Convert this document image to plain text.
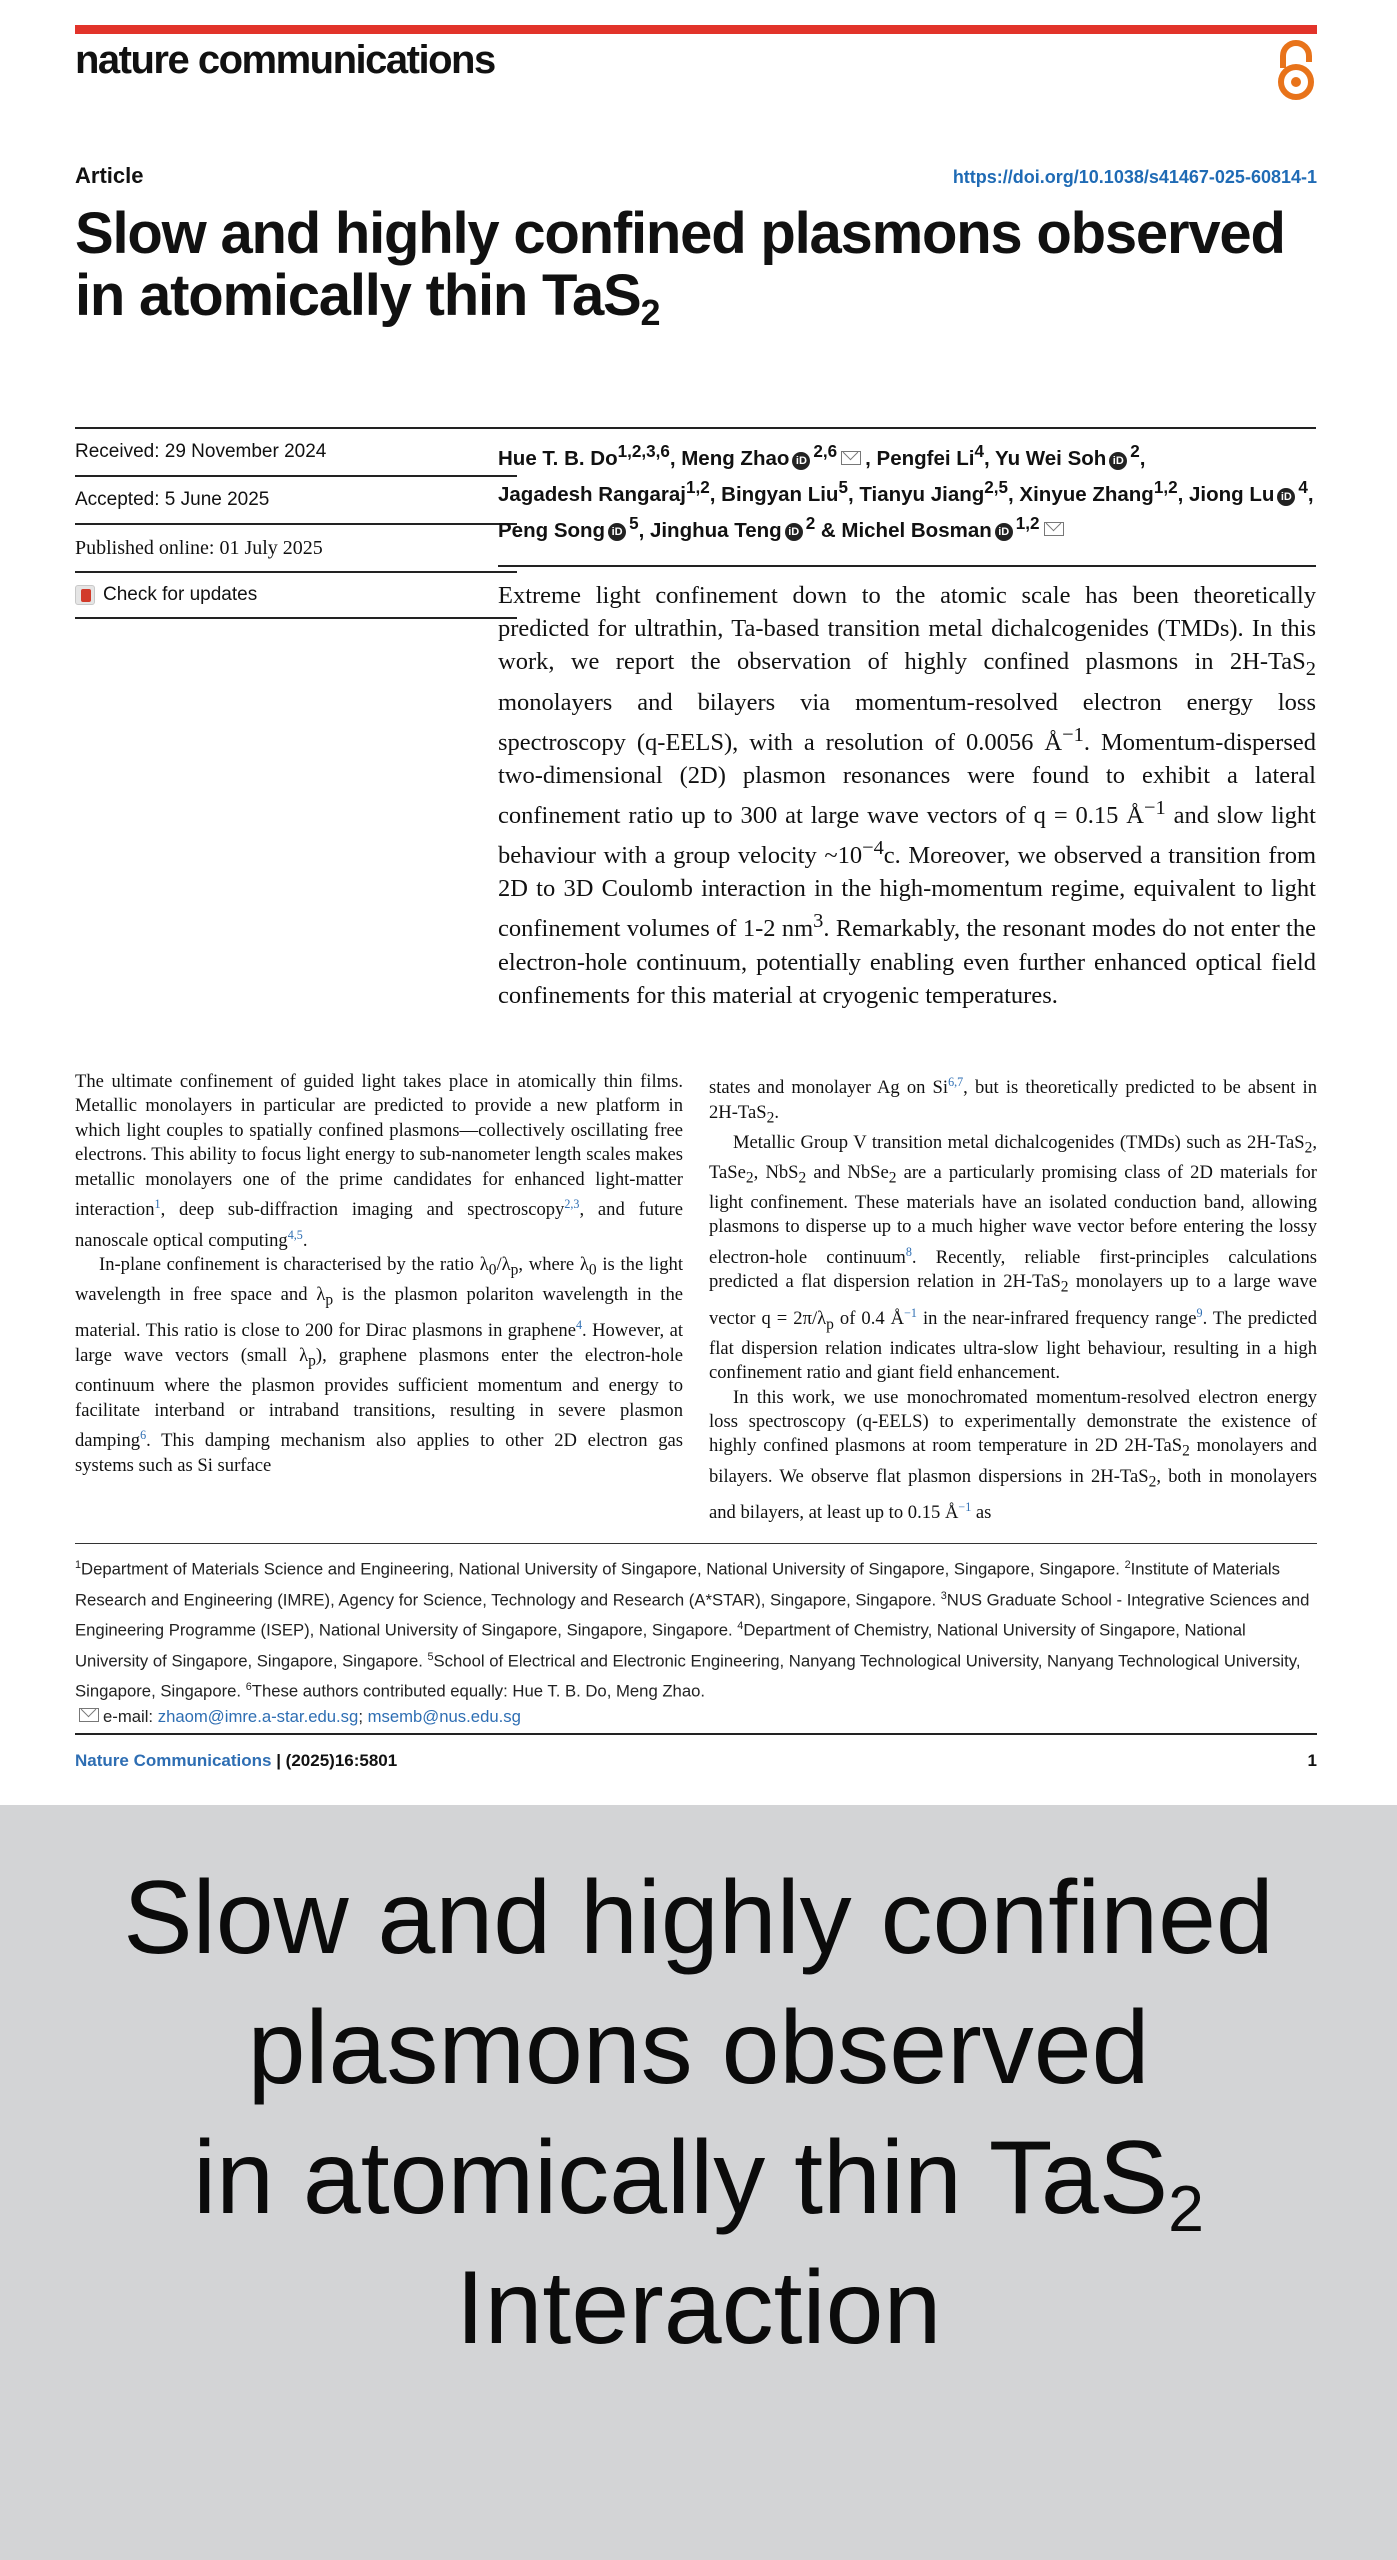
nature communications
Article	https://doi.org/10.1038/s41467-025-60814-1
Slow and highly confined plasmons observed
in atomically thin TaS$_2$
Received: 29 November 2024
Accepted: 5 June 2025
Published online: 01 July 2025
Check for updates
Hue T. B. Do$^{1,2,3,6}$, Meng Zhao iD $^{2,6}$ , Pengfei Li$^4$, Yu Wei Soh iD $^2$,
Jagadesh Rangaraj$^{1,2}$, Bingyan Liu$^5$, Tianyu Jiang$^{2,5}$, Xinyue Zhang$^{1,2}$, Jiong Lu iD $^4$,
Peng Song iD $^5$, Jinghua Teng iD $^2$ & Michel Bosman iD $^{1,2}$
Extreme light confinement down to the atomic scale has been theoretically predicted for ultrathin, Ta-based transition metal dichalcogenides (TMDs). In this work, we report the observation of highly confined plasmons in 2H-TaS$_2$ monolayers and bilayers via momentum-resolved electron energy loss spectroscopy (q-EELS), with a resolution of 0.0056 $Å^{-1}$. Momentum-dispersed two-dimensional (2D) plasmon resonances were found to exhibit a lateral confinement ratio up to 300 at large wave vectors of q = 0.15 $Å^{-1}$ and slow light behaviour with a group velocity $\sim 10^{-4}c$. Moreover, we observed a transition from 2D to 3D Coulomb interaction in the high-momentum regime, equivalent to light confinement volumes of 1-2 $nm^3$. Remarkably, the resonant modes do not enter the electron-hole continuum, potentially enabling even further enhanced optical field confinements for this material at cryogenic temperatures.

The ultimate confinement of guided light takes place in atomically thin films. Metallic monolayers in particular are predicted to provide a new platform in which light couples to spatially confined plasmons—collectively oscillating free electrons. This ability to focus light energy to sub-nanometer length scales makes metallic monolayers one of the prime candidates for enhanced light-matter interaction$^1$, deep sub-diffraction imaging and spectroscopy$^{2,3}$, and future nanoscale optical computing$^{4,5}$.

In-plane confinement is characterised by the ratio $\lambda_0/\lambda_p$, where $\lambda_0$ is the light wavelength in free space and $\lambda_p$ is the plasmon polariton wavelength in the material. This ratio is close to 200 for Dirac plasmons in graphene$^4$. However, at large wave vectors (small $\lambda_p$), graphene plasmons enter the electron-hole continuum where the plasmon provides sufficient momentum and energy to facilitate interband or intraband transitions, resulting in severe plasmon damping$^6$. This damping mechanism also applies to other 2D electron gas systems such as Si surface

states and monolayer Ag on Si$^{6,7}$, but is theoretically predicted to be absent in 2H-TaS$_2$.

Metallic Group V transition metal dichalcogenides (TMDs) such as 2H-TaS$_2$, TaSe$_2$, NbS$_2$ and NbSe$_2$ are a particularly promising class of 2D materials for light confinement. These materials have an isolated conduction band, allowing plasmons to disperse up to a much higher wave vector before entering the lossy electron-hole continuum$^8$. Recently, reliable first-principles calculations predicted a flat dispersion relation in 2H-TaS$_2$ monolayers up to a large wave vector $q = 2\pi/\lambda_p$ of 0.4 $Å^{-1}$ in the near-infrared frequency range$^9$. The predicted flat dispersion relation indicates ultra-slow light behaviour, resulting in a high confinement ratio and giant field enhancement.

In this work, we use monochromated momentum-resolved electron energy loss spectroscopy (q-EELS) to experimentally demonstrate the existence of highly confined plasmons at room temperature in 2D 2H-TaS$_2$ monolayers and bilayers. We observe flat plasmon dispersions in 2H-TaS$_2$, both in monolayers and bilayers, at least up to 0.15 $Å^{-1}$ as

$^1$Department of Materials Science and Engineering, National University of Singapore, National University of Singapore, Singapore, Singapore. $^2$Institute of Materials Research and Engineering (IMRE), Agency for Science, Technology and Research (A*STAR), Singapore, Singapore. $^3$NUS Graduate School - Integrative Sciences and Engineering Programme (ISEP), National University of Singapore, Singapore, Singapore. $^4$Department of Chemistry, National University of Singapore, National University of Singapore, Singapore, Singapore. $^5$School of Electrical and Electronic Engineering, Nanyang Technological University, Nanyang Technological University, Singapore, Singapore. $^6$These authors contributed equally: Hue T. B. Do, Meng Zhao.
e-mail: zhaom@imre.a-star.edu.sg; msemb@nus.edu.sg
Nature Communications | (2025)16:5801	1
Slow and highly confined
plasmons observed
in atomically thin TaS$_2$
Interaction
